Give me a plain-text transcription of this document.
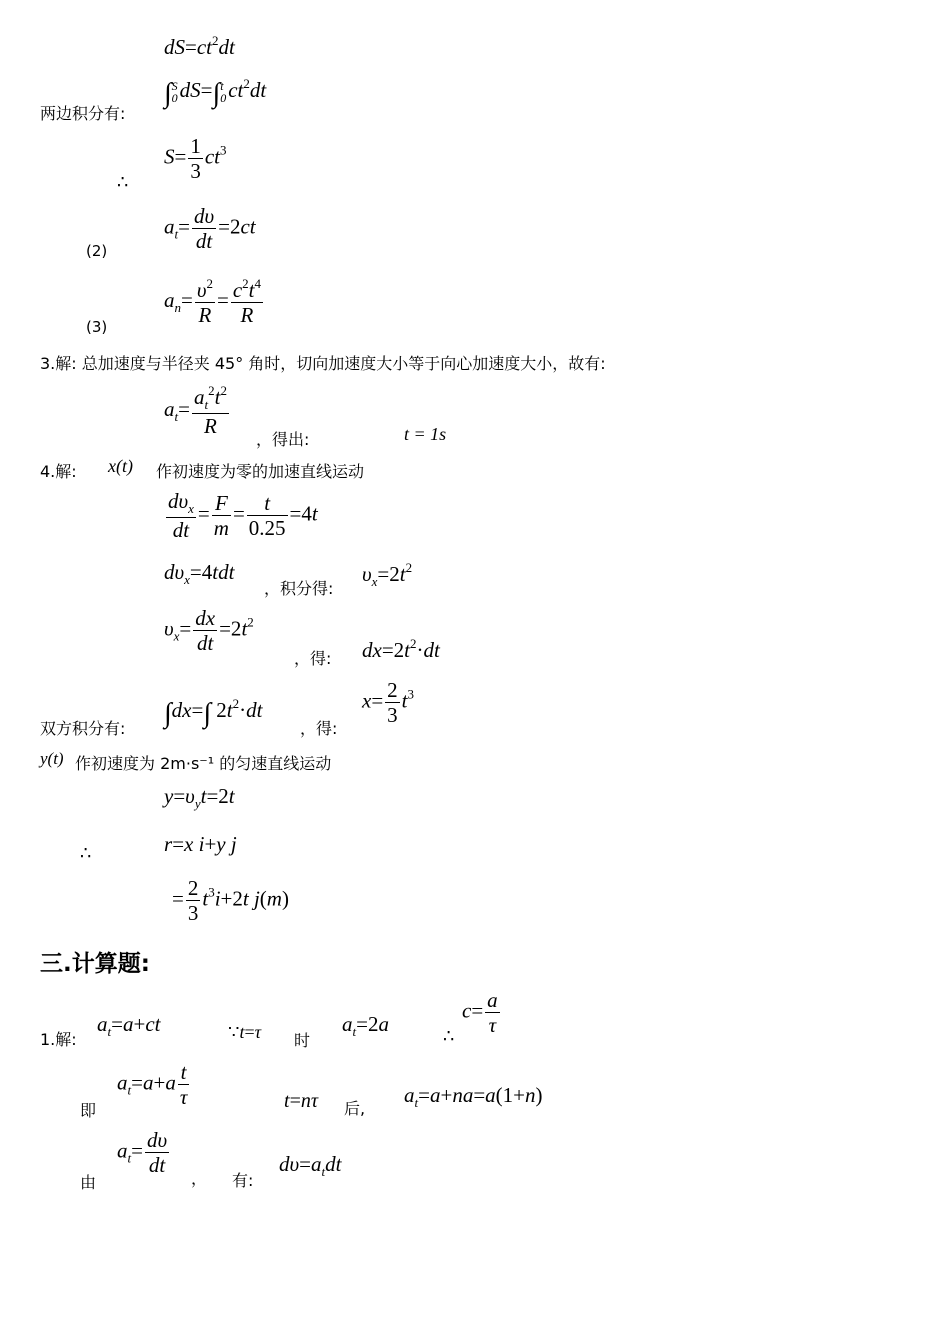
$dS=ct^2dt$
两边积分有:
∫ S
0 dS=∫ t
0 $ct^2dt$
$S= \frac{1}{3} ct^3$
∴
(2)
$a_t= \frac{d\upsilon}{dt} =2ct$
(3)
$a_n= \frac{\upsilon^2}{R} = \frac{c^2t^4}{R}$
3.解: 总加速度与半径夹 45° 角时，切向加速度大小等于向心加速度大小，故有:
$a_t= \frac{a_t^2t^2}{R}$
，得出:	t = 1s
4.解: x(t) 作初速度为零的加速直线运动
$\frac{d\upsilon_x}{dt} = \frac{F}{m} = \frac{t}{0.25} =4t$
$d\upsilon_x=4tdt$
，积分得:
$\upsilon_x=2t^2$
$\upsilon_x= \frac{dx}{dt} =2t^2$
，得: $dx=2t^2\cdot dt$
双方积分有: ∫dx=∫ $2t^2\cdot dt$
，得:
$x= \frac{2}{3} t^3$
y(t) 作初速度为 2m·s⁻¹ 的匀速直线运动
$y=\upsilon_yt=2t$
∴	r=x i+y j
= $\frac{2}{3} t^3i+2t$ j(m)
三.计算题:
1.解:
$a_t=a+ct$	∵t=τ 时
$a_t=2a$
∴
$c= \frac{a}{\tau}$
即
$a_t=a+a \frac{t}{\tau}$	t=nτ 后,
$a_t=a+na=a(1+n)$
由
$a_t= \frac{d\upsilon}{dt}$
， 有:
$d\upsilon=a_tdt$
